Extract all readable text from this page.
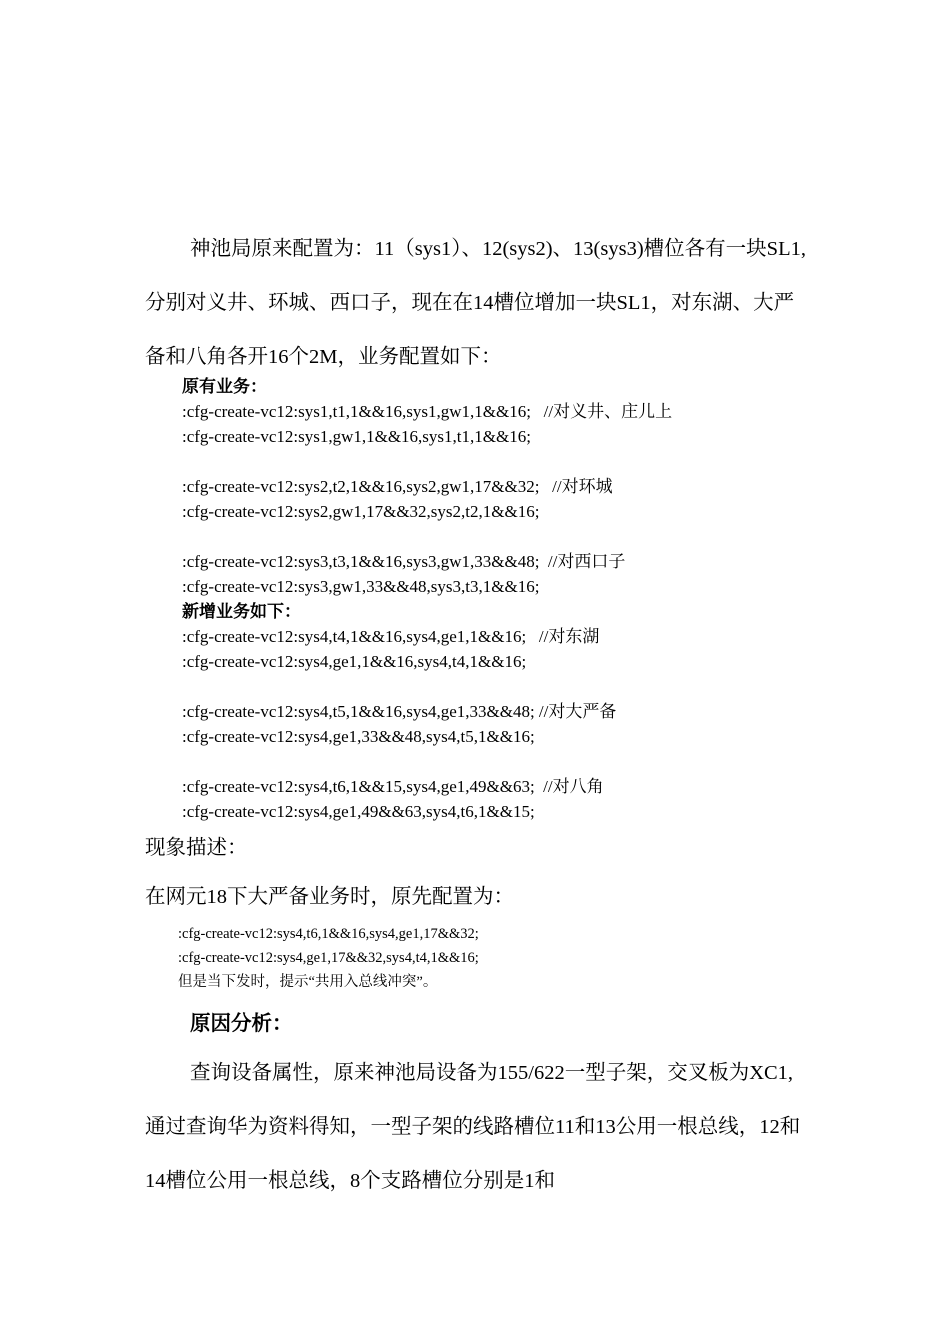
神池局原来配置为：11（sys1）、12(sys2)、13(sys3)槽位各有一块SL1,分别对义井、环城、西口子，现在在14槽位增加一块SL1，对东湖、大严备和八角各开16个2M，业务配置如下：
原有业务：
:cfg-create-vc12:sys1,t1,1&&16,sys1,gw1,1&&16;   //对义井、庄儿上
:cfg-create-vc12:sys1,gw1,1&&16,sys1,t1,1&&16;
:cfg-create-vc12:sys2,t2,1&&16,sys2,gw1,17&&32;   //对环城
:cfg-create-vc12:sys2,gw1,17&&32,sys2,t2,1&&16;
:cfg-create-vc12:sys3,t3,1&&16,sys3,gw1,33&&48;  //对西口子
:cfg-create-vc12:sys3,gw1,33&&48,sys3,t3,1&&16;
新增业务如下：
:cfg-create-vc12:sys4,t4,1&&16,sys4,ge1,1&&16;   //对东湖
:cfg-create-vc12:sys4,ge1,1&&16,sys4,t4,1&&16;
:cfg-create-vc12:sys4,t5,1&&16,sys4,ge1,33&&48; //对大严备
:cfg-create-vc12:sys4,ge1,33&&48,sys4,t5,1&&16;
:cfg-create-vc12:sys4,t6,1&&15,sys4,ge1,49&&63;  //对八角
:cfg-create-vc12:sys4,ge1,49&&63,sys4,t6,1&&15;
现象描述：
在网元18下大严备业务时，原先配置为：
:cfg-create-vc12:sys4,t6,1&&16,sys4,ge1,17&&32;
:cfg-create-vc12:sys4,ge1,17&&32,sys4,t4,1&&16;
但是当下发时，提示“共用入总线冲突”。
原因分析：
查询设备属性，原来神池局设备为155/622一型子架，交叉板为XC1,通过查询华为资料得知，一型子架的线路槽位11和13公用一根总线，12和14槽位公用一根总线，8个支路槽位分别是1和
